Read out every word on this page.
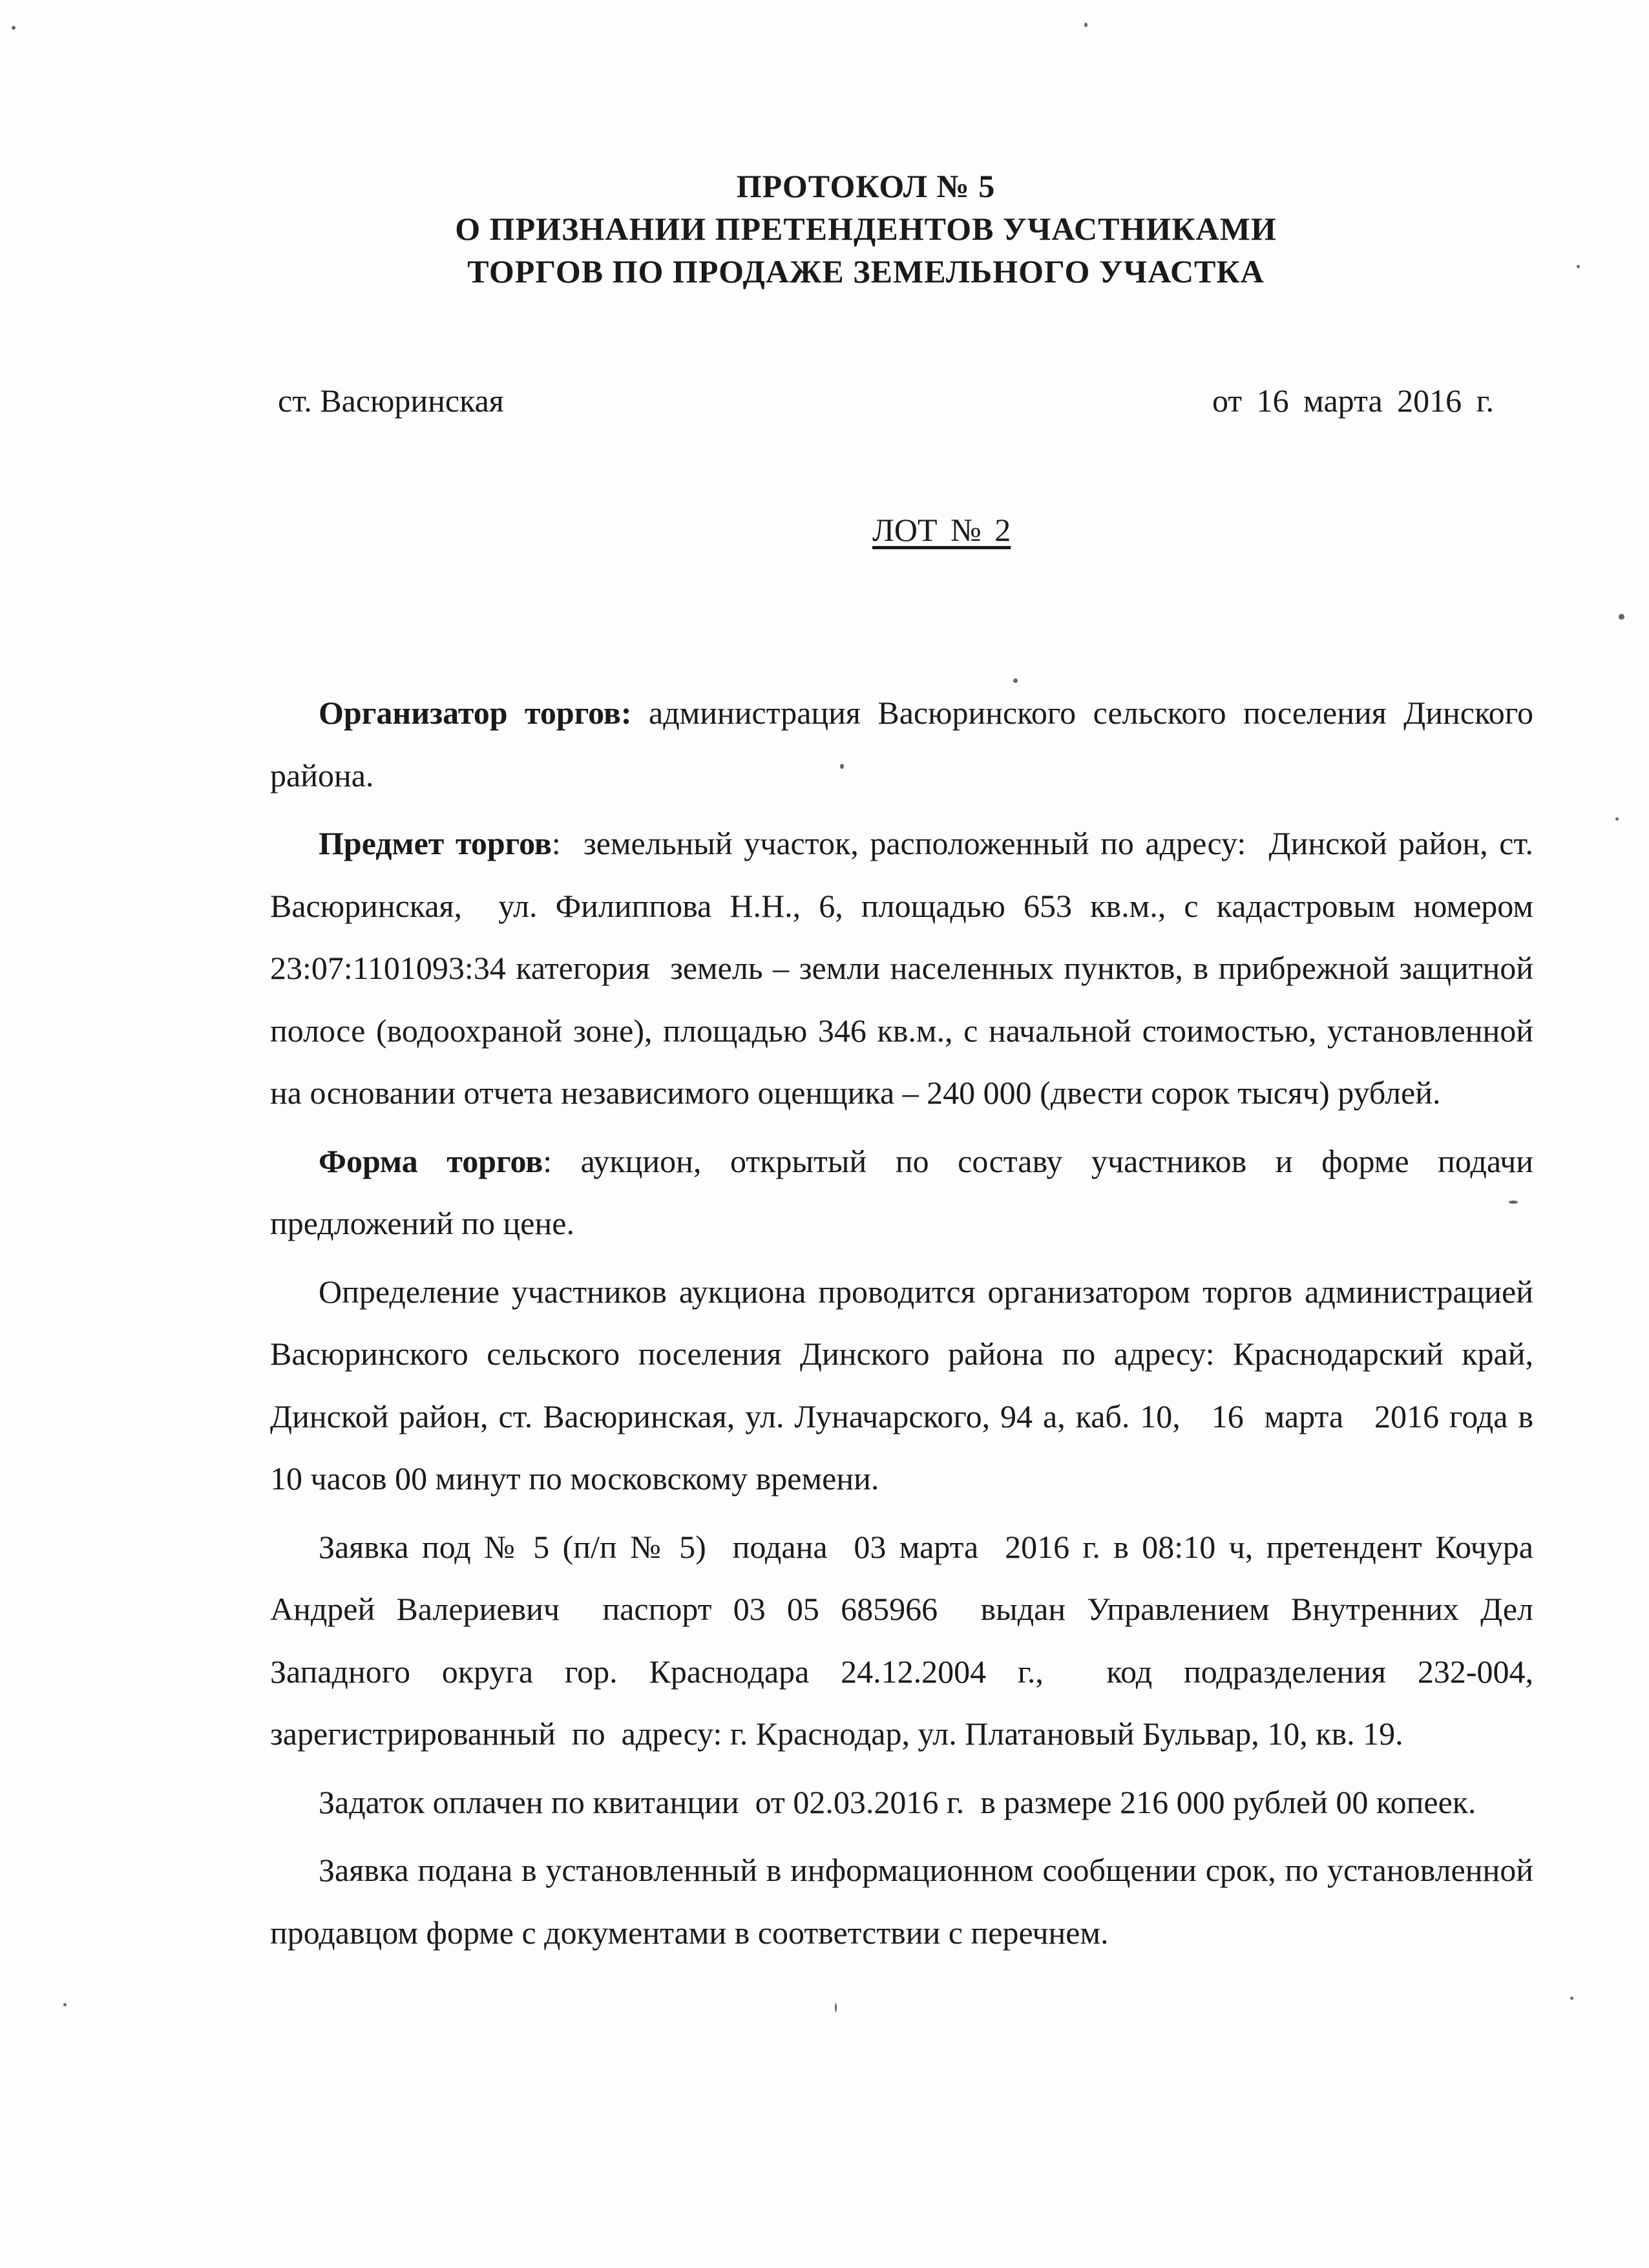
ПРОТОКОЛ № 5
О ПРИЗНАНИИ ПРЕТЕНДЕНТОВ УЧАСТНИКАМИ
ТОРГОВ ПО ПРОДАЖЕ ЗЕМЕЛЬНОГО УЧАСТКА
ст. Васюринская	от 16 марта 2016 г.
ЛОТ № 2

Организатор торгов: администрация Васюринского сельского поселения Динского района.

Предмет торгов:  земельный участок, расположенный по адресу:  Динской район, ст. Васюринская,  ул. Филиппова Н.Н., 6, площадью 653 кв.м., с кадастровым номером 23:07:1101093:34 категория  земель – земли населенных пунктов, в прибрежной защитной полосе (водоохраной зоне), площадью 346 кв.м., с начальной стоимостью, установленной на основании отчета независимого оценщика – 240 000 (двести сорок тысяч) рублей.

Форма торгов: аукцион, открытый по составу участников и форме подачи предложений по цене.

Определение участников аукциона проводится организатором торгов администрацией Васюринского сельского поселения Динского района по адресу: Краснодарский край, Динской район, ст. Васюринская, ул. Луначарского, 94 а, каб. 10,   16  марта   2016 года в  10 часов 00 минут по московскому времени.

Заявка под № 5 (п/п № 5)  подана  03 марта  2016 г. в 08:10 ч, претендент Кочура Андрей Валериевич  паспорт 03 05 685966  выдан Управлением Внутренних Дел Западного округа гор. Краснодара 24.12.2004 г.,  код подразделения 232-004, зарегистрированный  по  адресу: г. Краснодар, ул. Платановый Бульвар, 10, кв. 19.

Задаток оплачен по квитанции  от 02.03.2016 г.  в размере 216 000 рублей 00 копеек.

Заявка подана в установленный в информационном сообщении срок, по установленной продавцом форме с документами в соответствии с перечнем.
